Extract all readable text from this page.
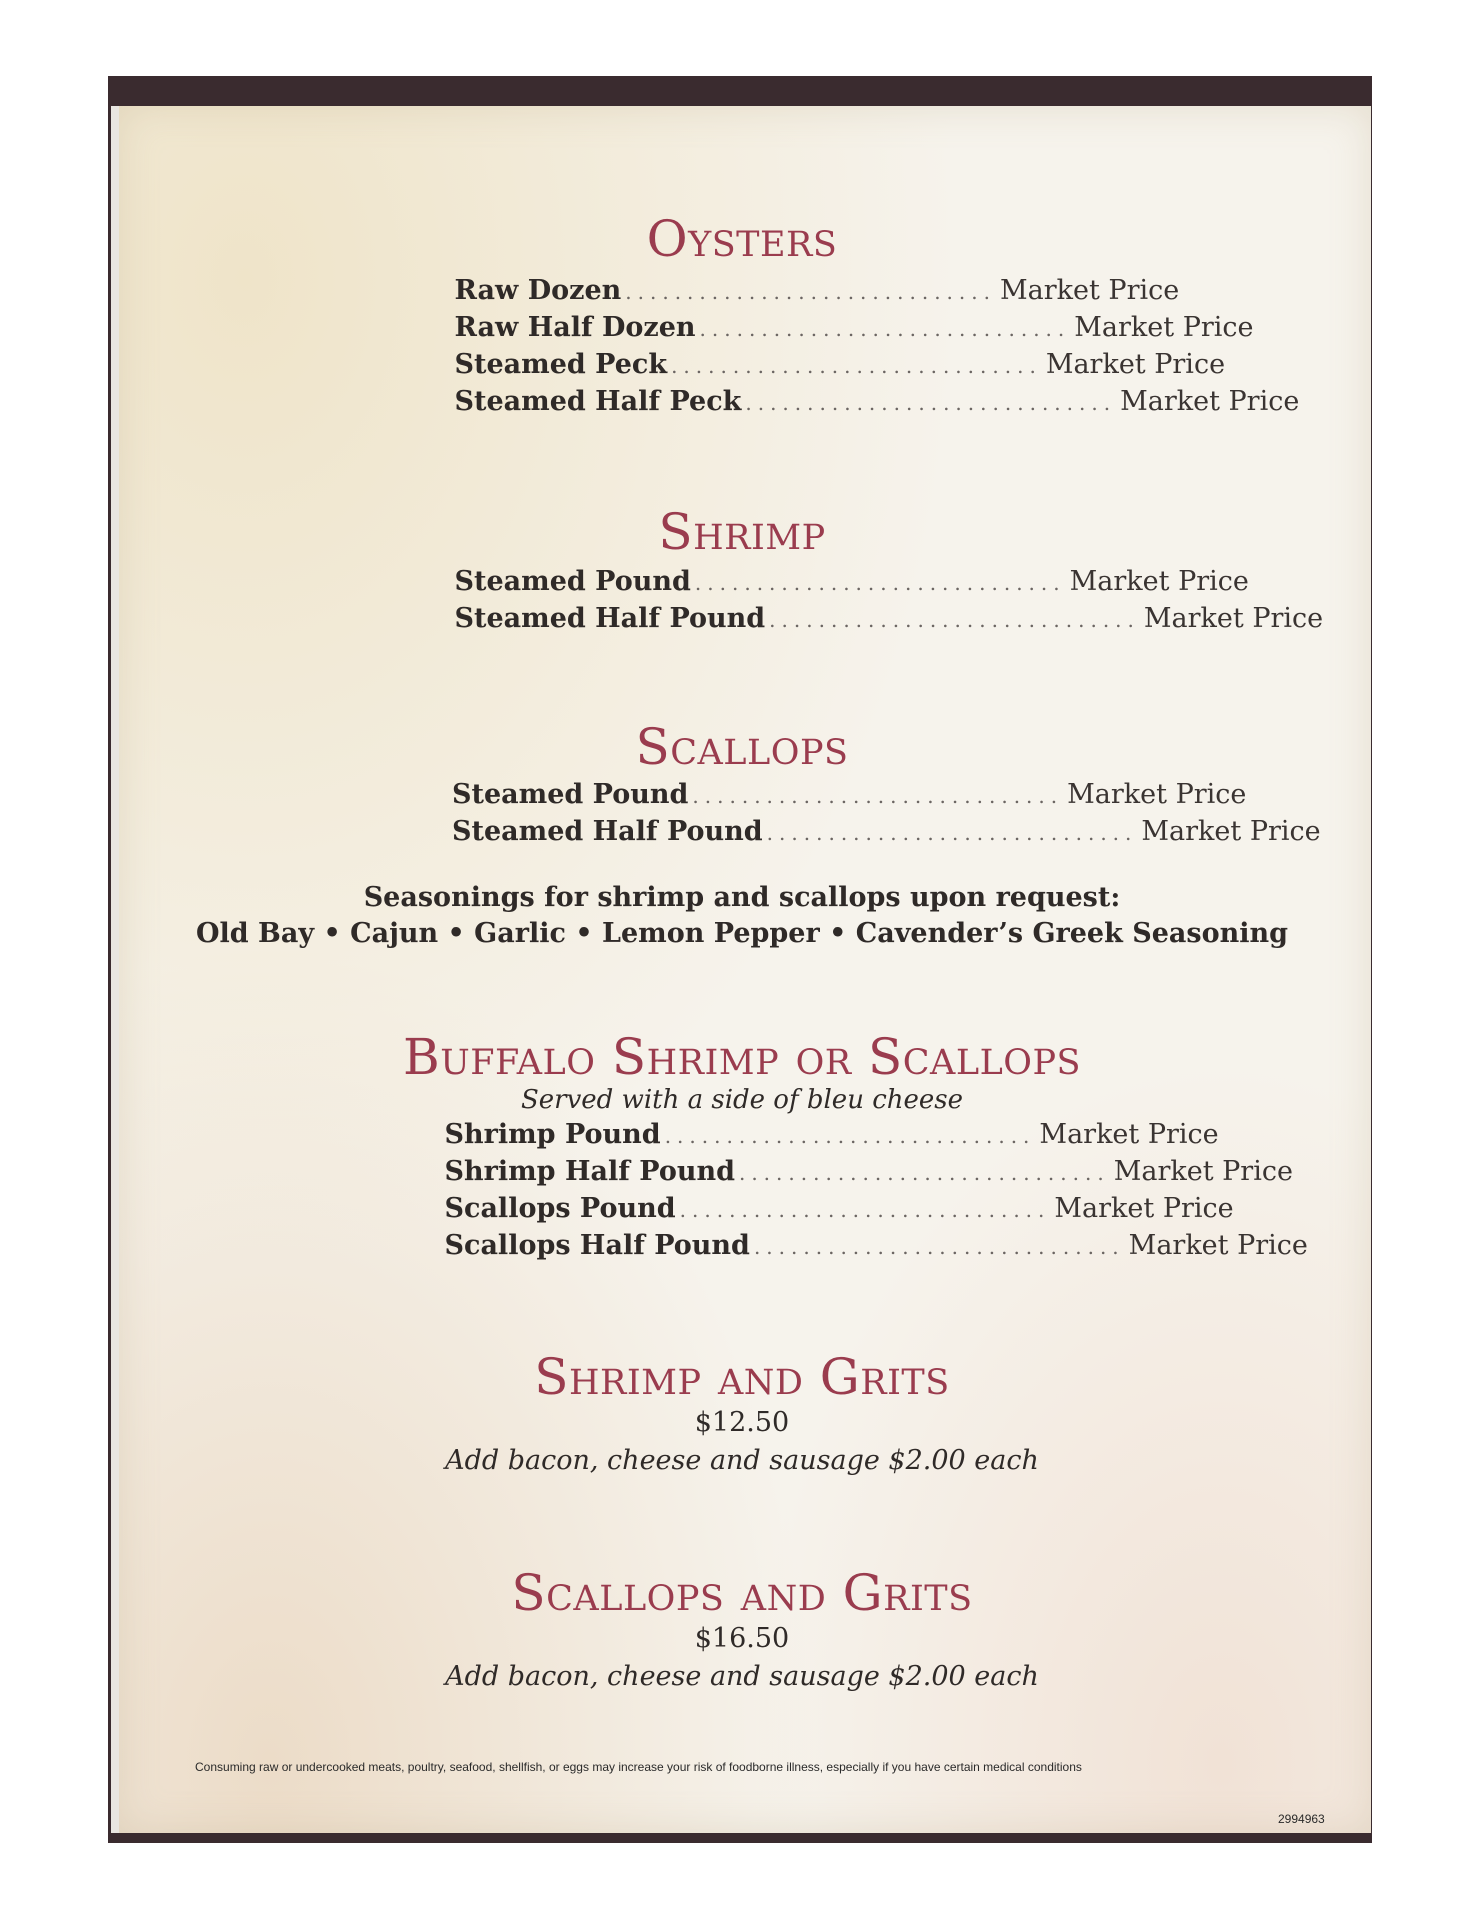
Oysters
Raw Dozen .............................. Market Price
Raw Half Dozen .............................. Market Price
Steamed Peck .............................. Market Price
Steamed Half Peck .............................. Market Price
Shrimp
Steamed Pound .............................. Market Price
Steamed Half Pound .............................. Market Price
Scallops
Steamed Pound .............................. Market Price
Steamed Half Pound .............................. Market Price
Seasonings for shrimp and scallops upon request:
Old Bay • Cajun • Garlic • Lemon Pepper • Cavender’s Greek Seasoning
Buffalo Shrimp or Scallops
Served with a side of bleu cheese
Shrimp Pound .............................. Market Price
Shrimp Half Pound .............................. Market Price
Scallops Pound .............................. Market Price
Scallops Half Pound .............................. Market Price
Shrimp and Grits
$12.50
Add bacon, cheese and sausage $2.00 each
Scallops and Grits
$16.50
Add bacon, cheese and sausage $2.00 each
Consuming raw or undercooked meats, poultry, seafood, shellfish, or eggs may increase your risk of foodborne illness, especially if you have certain medical conditions
2994963
